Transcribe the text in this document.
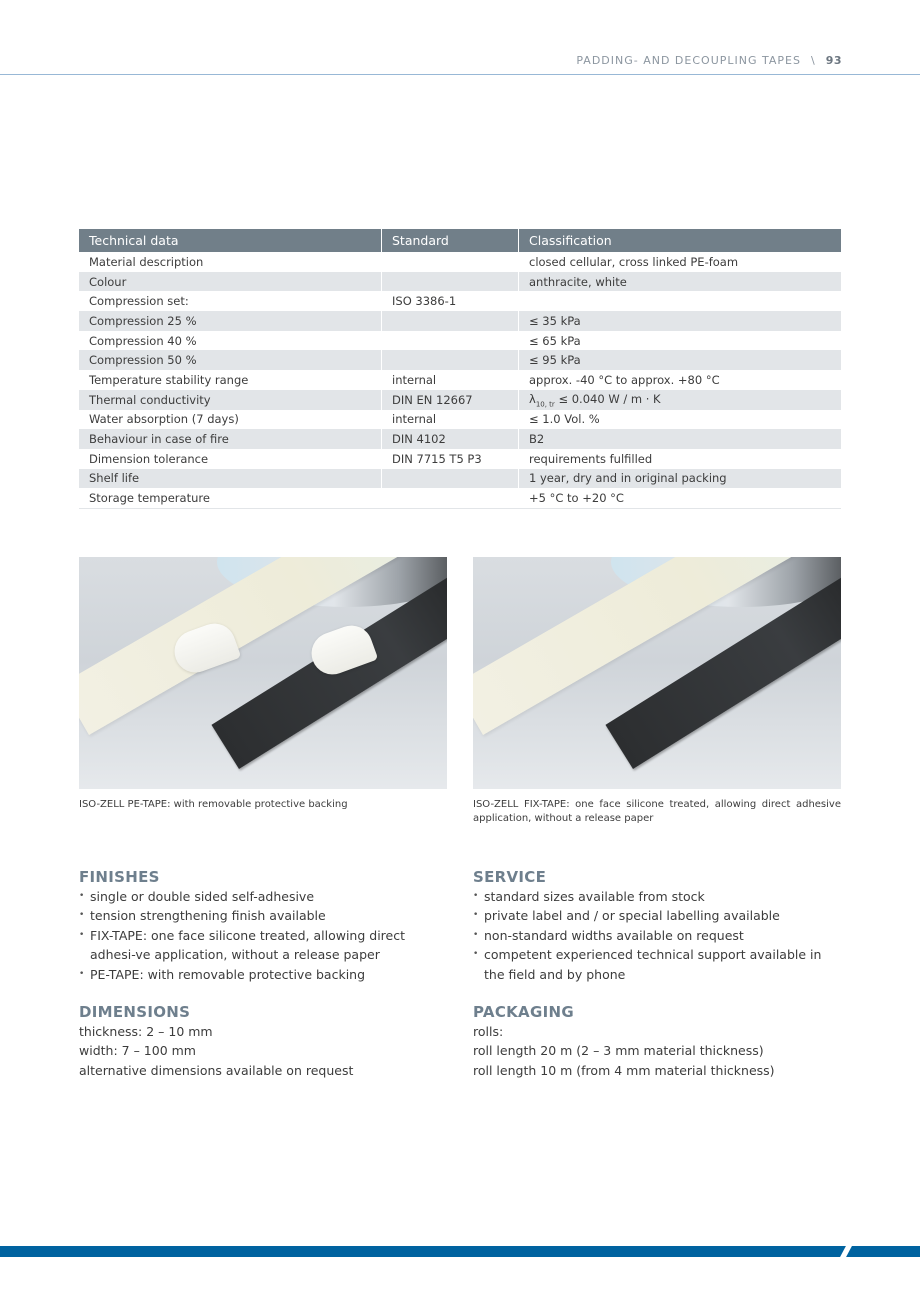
PADDING- AND DECOUPLING TAPES \ 93
Technical data	Standard	Classification
Material description		closed cellular, cross linked PE-foam
Colour		anthracite, white
Compression set:	ISO 3386-1	
Compression 25 %		≤ 35 kPa
Compression 40 %		≤ 65 kPa
Compression 50 %		≤ 95 kPa
Temperature stability range	internal	approx. -40 °C to approx. +80 °C
Thermal conductivity	DIN EN 12667	$\lambda_{10, tr} \le 0.040$ W / m · K
Water absorption (7 days)	internal	≤ 1.0 Vol. %
Behaviour in case of fire	DIN 4102	B2
Dimension tolerance	DIN 7715 T5 P3	requirements fulfilled
Shelf life		1 year, dry and in original packing
Storage temperature		+5 °C to +20 °C
ISO-ZELL PE-TAPE: with removable protective backing	ISO-ZELL FIX-TAPE: one face silicone treated, allowing direct adhesive application, without a release paper
FINISHES
• single or double sided self-adhesive
• tension strengthening finish available
• FIX-TAPE: one face silicone treated, allowing direct adhesi-ve application, without a release paper
• PE-TAPE: with removable protective backing
SERVICE
• standard sizes available from stock
• private label and / or special labelling available
• non-standard widths available on request
• competent experienced technical support available in the field and by phone
DIMENSIONS

thickness: 2 – 10 mm

width: 7 – 100 mm

alternative dimensions available on request

PACKAGING

rolls:

roll length 20 m (2 – 3 mm material thickness)

roll length 10 m (from 4 mm material thickness)
